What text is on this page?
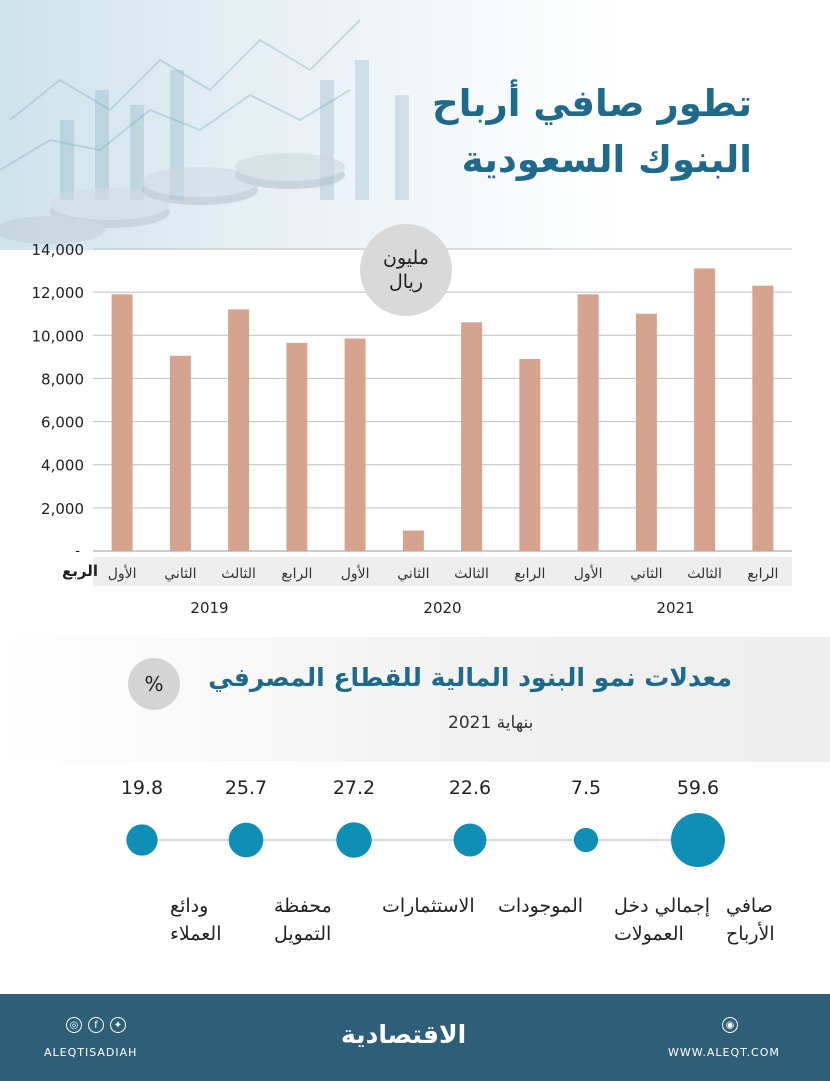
تطور صافي أرباح
البنوك السعودية
2,000
4,000
6,000
8,000
10,000
12,000
14,000
-
الأول الثاني الثالث الرابع الأول الثاني الثالث الرابع الأول الثاني الثالث الرابع
2019	2020	2021
الربع
مليون
ريال
%	معدلات نمو البنود المالية للقطاع المصرفي
بنهاية 2021
59.6
صافي
الأرباح
7.5
إجمالي دخل
العمولات
22.6
الموجودات
27.2
الاستثمارات
25.7
محفظة
التمويل
19.8
ودائع
العملاء
◎	f	✦
ALEQTISADIAH
الاقتصادية	◉
WWW.ALEQT.COM
